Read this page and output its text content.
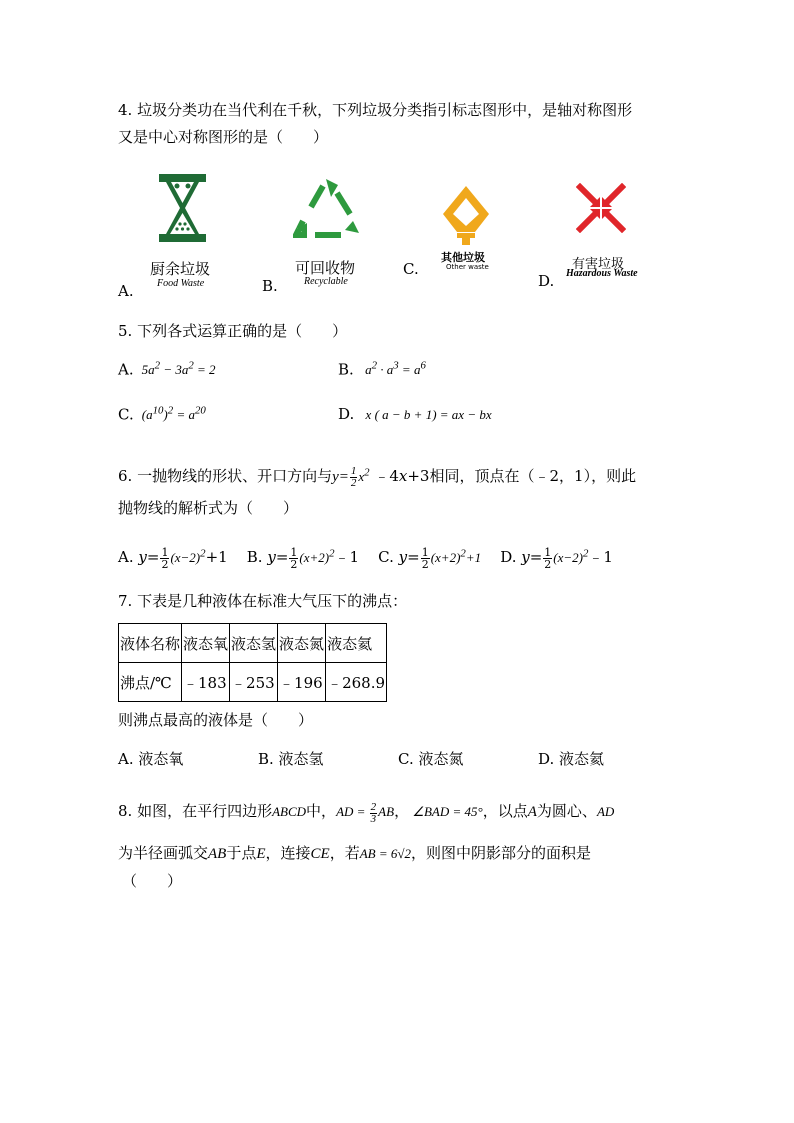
4. 垃圾分类功在当代利在千秋，下列垃圾分类指引标志图形中，是轴对称图形
又是中心对称图形的是（　　）
厨余垃圾
Food Waste
A.
可回收物
Recyclable
B.
C.
其他垃圾
Other waste	有害垃圾
Hazardous Waste
D.
5. 下列各式运算正确的是（　　）
A.  $5a^2 - 3a^2 = 2$	B.   $a^2 \cdot a^3 = a^6$
C.  $(a^{10})^2 = a^{20}$	D.   x ( a − b + 1) = ax − bx
6. 一抛物线的形状、开口方向与$y= \frac{1}{2} x^2$ ﹣4x+3相同，顶点在（﹣2，1），则此
抛物线的解析式为（　　）
A. $y= \frac{1}{2} (x-2)^2+1$    B. $y= \frac{1}{2}$ $(x+2)^2﹣1$    C. $y= \frac{1}{2} (x+2)^2+1$ D. $y= \frac{1}{2}$ $(x-2)^2﹣1$
7. 下表是几种液体在标准大气压下的沸点：
液体名称	液态氧	液态氢	液态氮	液态氦
沸点/℃	﹣183	﹣253	﹣196	﹣268.9
则沸点最高的液体是（　　）
A. 液态氧	B. 液态氢	C. 液态氮	D. 液态氦
8. 如图，在平行四边形ABCD中，AD = $\frac{2}{3}$ AB， ∠BAD = 45°，以点A为圆心、AD
为半径画弧交AB于点E，连接CE，若AB = 6√2，则图中阴影部分的面积是
（　　）
